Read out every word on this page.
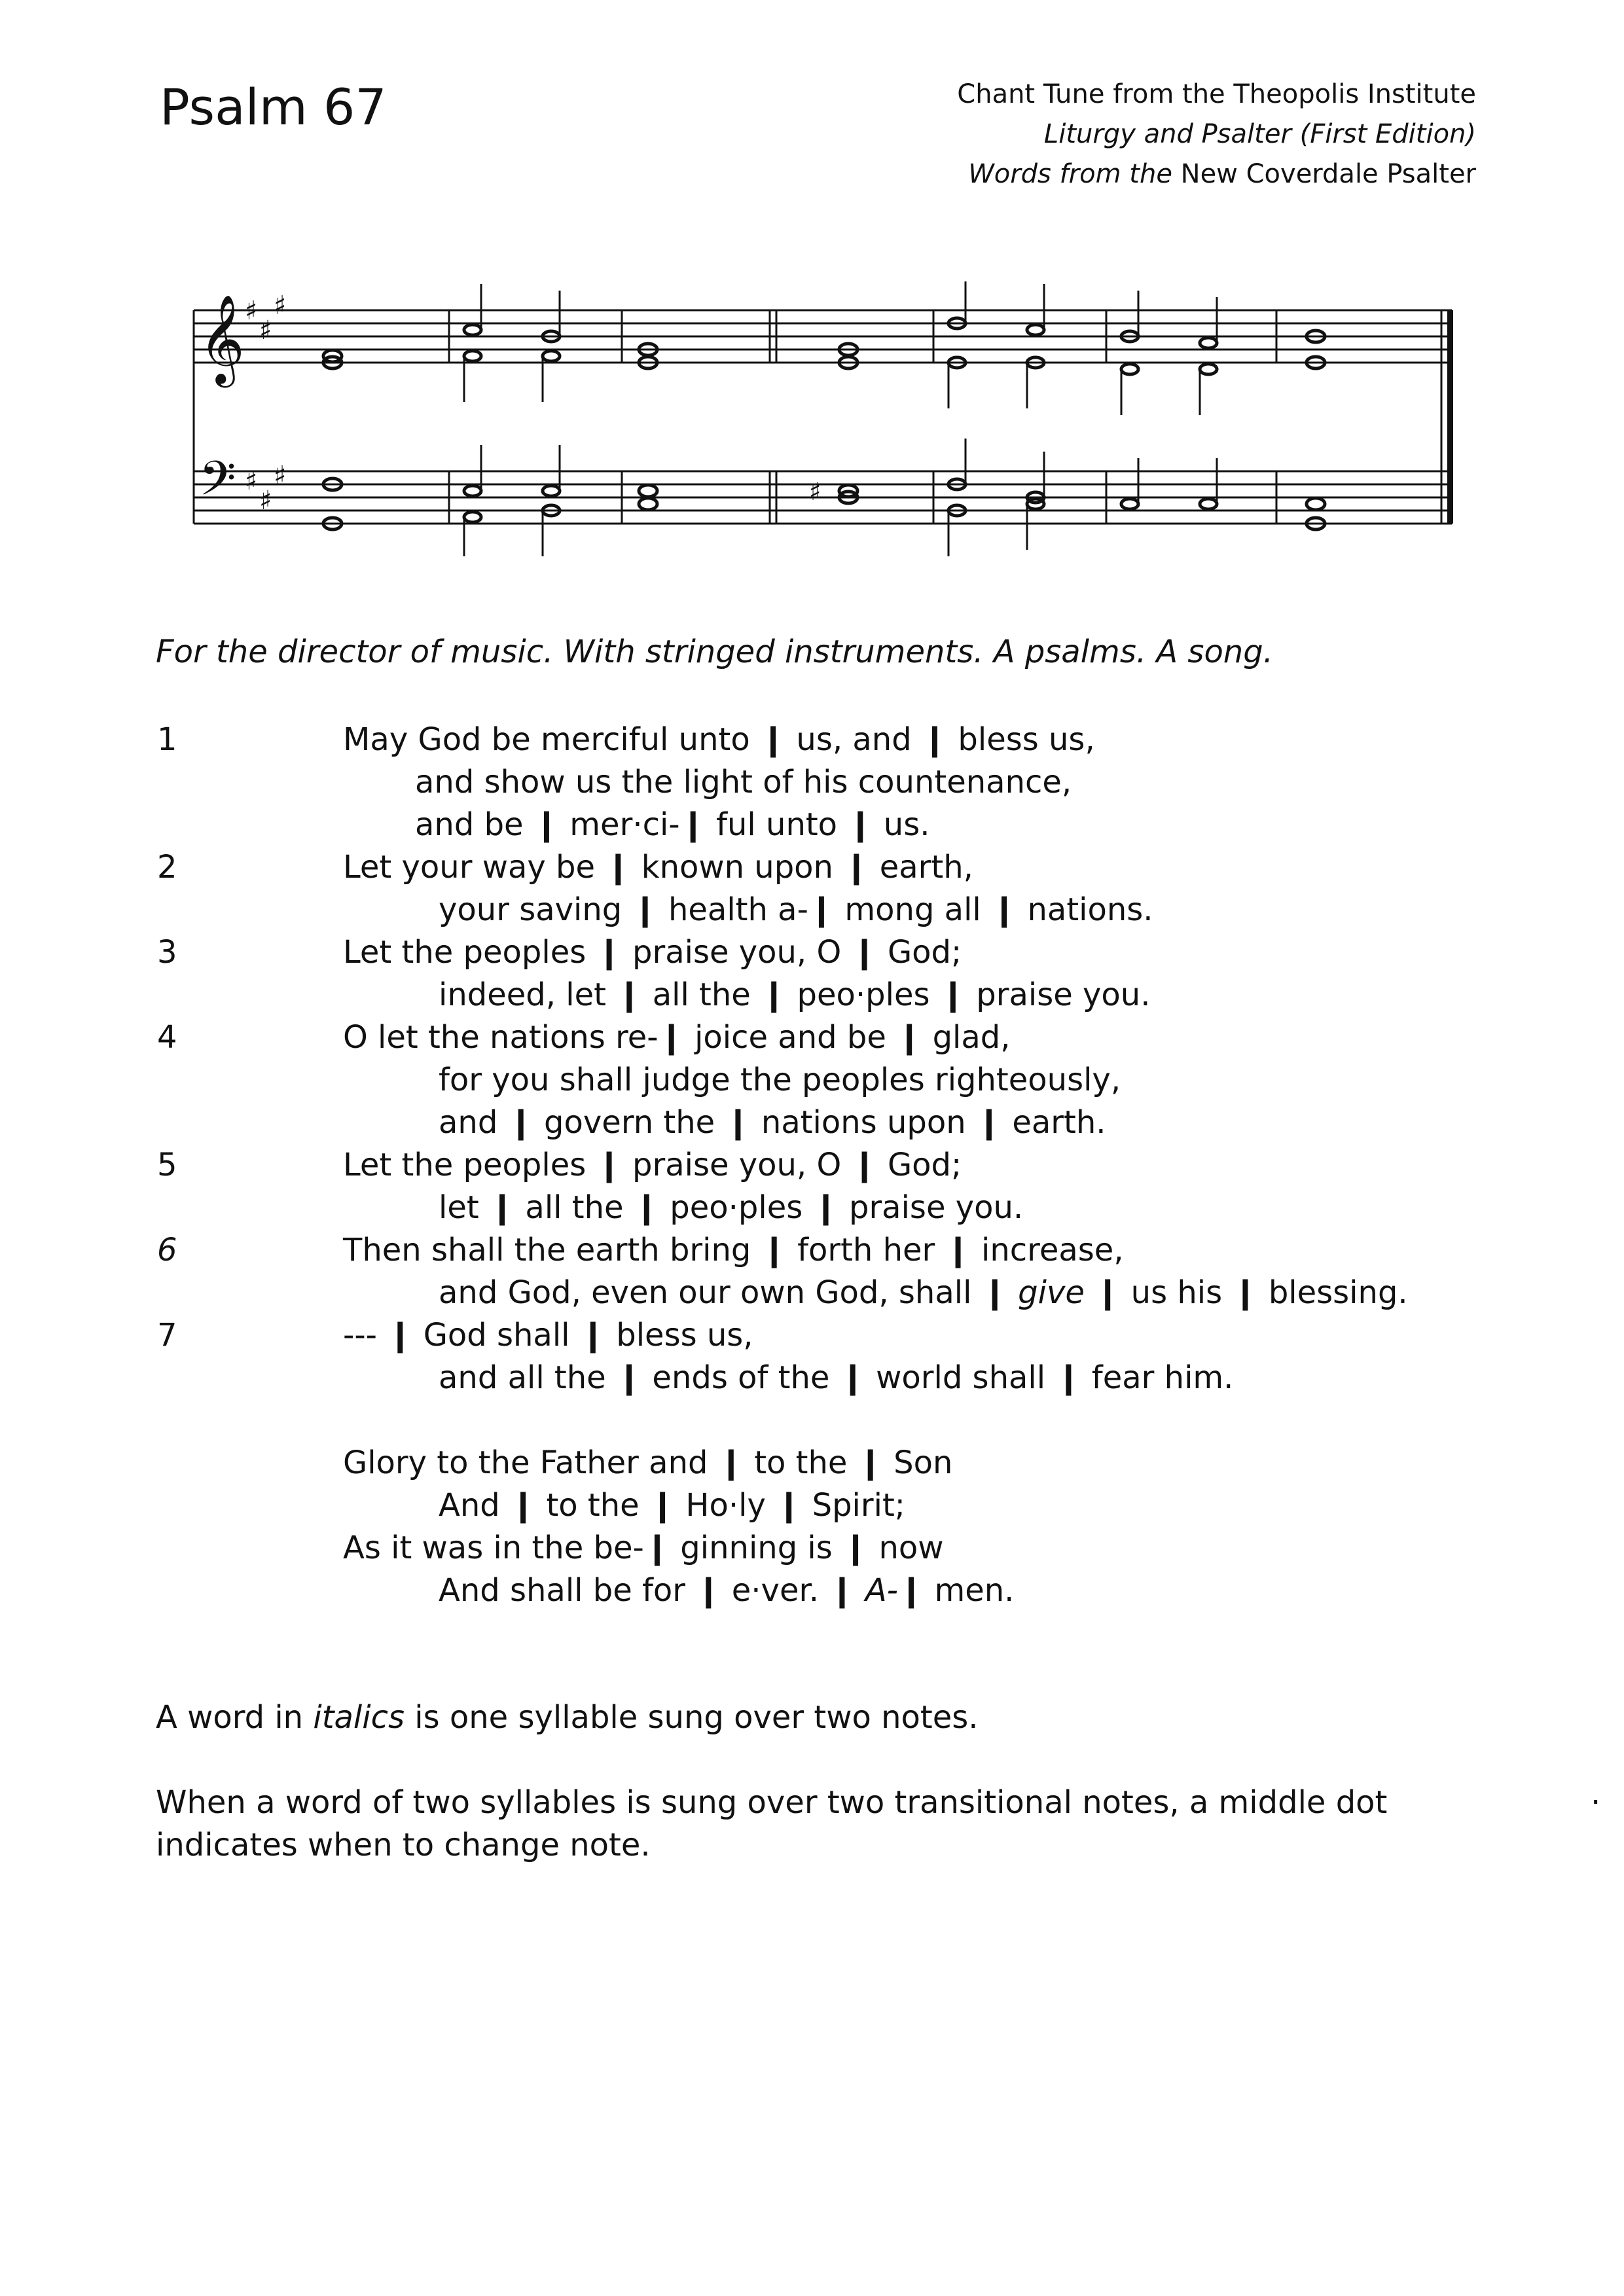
Psalm 67	Chant Tune from the Theopolis Institute
Liturgy and Psalter (First Edition)
Words from the New Coverdale Psalter
𝄞
𝄢
♯
♯
♯
♯
♯
♯
♯
For the director of music. With stringed instruments. A psalms. A song.
1	May God be merciful unto ❙ us, and ❙ bless us,
and show us the light of his countenance,
and be ❙ mer·ci-❙ ful unto ❙ us.
2	Let your way be ❙ known upon ❙ earth,
your saving ❙ health a-❙ mong all ❙ nations.
3	Let the peoples ❙ praise you, O ❙ God;
indeed, let ❙ all the ❙ peo·ples ❙ praise you.
4	O let the nations re-❙ joice and be ❙ glad,
for you shall judge the peoples righteously,
and ❙ govern the ❙ nations upon ❙ earth.
5	Let the peoples ❙ praise you, O ❙ God;
let ❙ all the ❙ peo·ples ❙ praise you.
6	Then shall the earth bring ❙ forth her ❙ increase,
and God, even our own God, shall ❙ give ❙ us his ❙ blessing.
7	--- ❙ God shall ❙ bless us,
and all the ❙ ends of the ❙ world shall ❙ fear him.
Glory to the Father and ❙ to the ❙ Son
And ❙ to the ❙ Ho·ly ❙ Spirit;
As it was in the be-❙ ginning is ❙ now
And shall be for ❙ e·ver. ❙ A-❙ men.

A word in italics is one syllable sung over two notes.

When a word of two syllables is sung over two transitional notes, a middle dot	·
indicates when to change note.
